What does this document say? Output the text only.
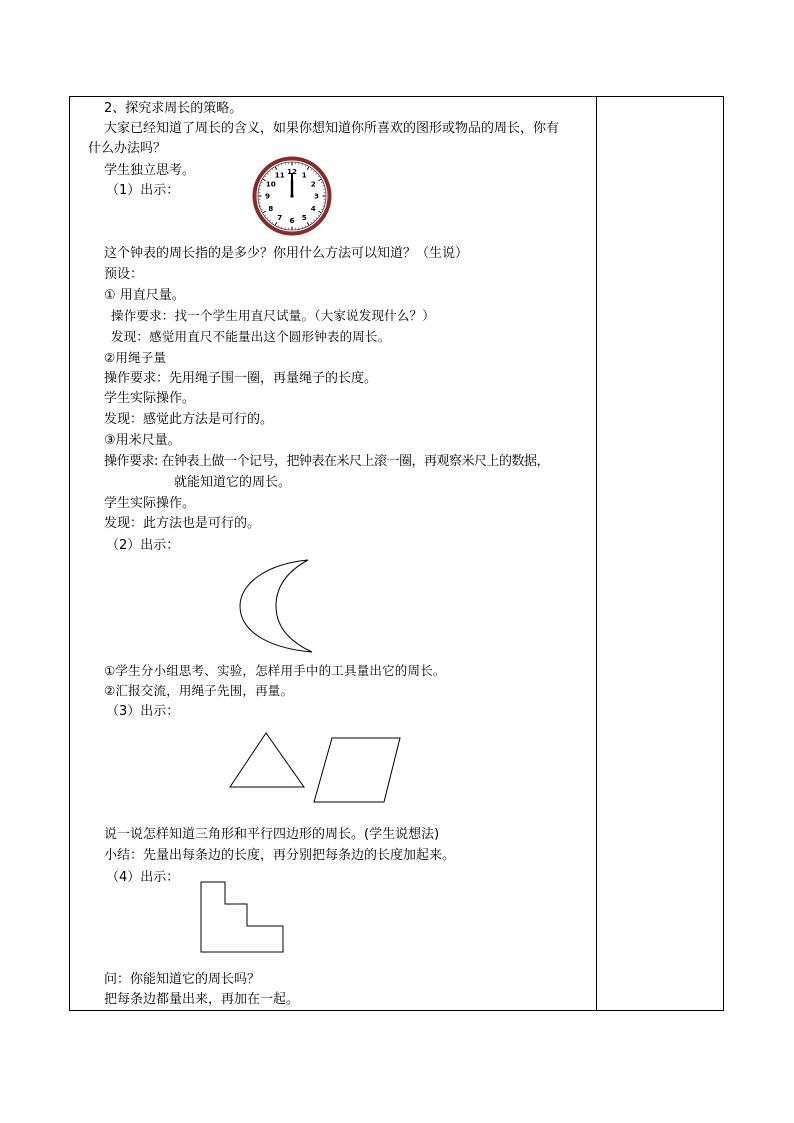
2、探究求周长的策略。
大家已经知道了周长的含义，如果你想知道你所喜欢的图形或物品的周长，你有
什么办法吗？
学生独立思考。
（1）出示：
12 1
2
3
4
5
6
7
8
9
10
11
这个钟表的周长指的是多少？你用什么方法可以知道？（生说）
预设：
① 用直尺量。
操作要求：找一个学生用直尺试量。（大家说发现什么？）
发现：感觉用直尺不能量出这个圆形钟表的周长。
②用绳子量
操作要求：先用绳子围一圈，再量绳子的长度。
学生实际操作。
发现：感觉此方法是可行的。
③用米尺量。
操作要求: 在钟表上做一个记号，把钟表在米尺上滚一圈，再观察米尺上的数据，
就能知道它的周长。
学生实际操作。
发现：此方法也是可行的。
（2）出示：
①学生分小组思考、实验，怎样用手中的工具量出它的周长。
②汇报交流，用绳子先围，再量。
（3）出示：
说一说怎样知道三角形和平行四边形的周长。(学生说想法)
小结：先量出每条边的长度，再分别把每条边的长度加起来。
（4）出示：
问：你能知道它的周长吗？
把每条边都量出来，再加在一起。
